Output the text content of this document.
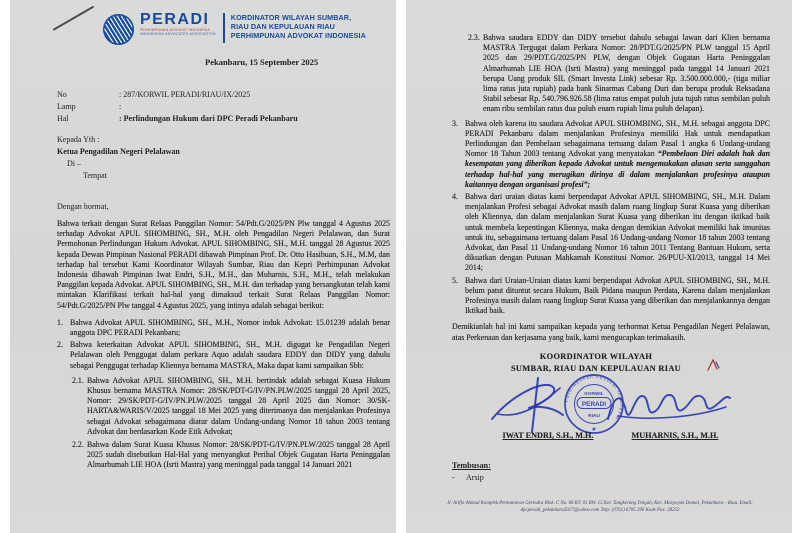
PERADI
PERHIMPUNAN ADVOKAT INDONESIA
INDONESIAN ADVOCATES ASSOCIATION
KORDINATOR WILAYAH SUMBAR,
RIAU DAN KEPULAUAN RIAU
PERHIMPUNAN ADVOKAT INDONESIA
Pekanbaru, 15 September 2025
No	: 287/KORWIL PERADI/RIAU/IX/2025
Lamp	:
Hal	: Perlindungan Hukum dari DPC Peradi Pekanbaru
Kepada Yth :
Ketua Pengadilan Negeri Pelalawan
Di –
Tempat
Dengan hormat,

Bahwa terkait dengan Surat Relaas Panggilan Nomor: 54/Pdt.G/2025/PN Plw tanggal 4 Agustus 2025 terhadap Advokat APUL SIHOMBING, SH., M.H. oleh Pengadilan Negeri Pelalawan, dan Surat Permohonan Perlindungan Hukum Advokat. APUL SIHOMBING, SH., M.H. tanggal 28 Agustus 2025 kepada Dewan Pimpinan Nasional PERADI dibawah Pimpinan Prof. Dr. Otto Hasibuan, S.H., M.M, dan terhadap hal tersebut Kami Koordinator Wilayah Sumbar, Riau dan Kepri Perhimpunan Advokat Indonesia dibawah Pimpinan Iwat Endri, S.H., M.H., dan Muharnis, S.H., M.H., telah melakukan Panggilan kepada Advokat. APUL SIHOMBING, SH., M.H. dan terhadap yang bersangkutan telah kami mintakan Klarifikasi terkait hal-hal yang dimaksud terkait Surat Relaas Panggilan Nomor: 54/Pdt.G/2025/PN Plw tanggal 4 Agustus 2025, yang intinya adalah sebagai berikut:

1. Bahwa Advokat APUL SIHOMBING, SH., M.H., Nomor induk Advokat: 15.01239 adalah benar anggota DPC PERADI Pekanbaru;
2. Bahwa keterkaitan Advokat APUL SIHOMBING, SH., M.H. digugat ke Pengadilan Negeri Pelalawan oleh Penggugat dalam perkara Aquo adalah saudara EDDY dan DIDY yang dahulu sebagai Penggugat terhadap Kliennya bernama MASTRA, Maka dapat kami sampaikan Sbb:
2.1. Bahwa Advokat APUL SIHOMBING, SH., M.H. bertindak adalah sebagai Kuasa Hukum Khusus bernama MASTRA Nomor: 28/SK/PDT-G/IV/PN.PLW/2025 tanggal 28 April 2025, Nomor: 29/SK/PDT-G/IV/PN.PLW/2025 tanggal 28 April 2025 dan Nomor: 30/SK-HARTA&WARIS/V/2025 tanggal 18 Mei 2025 yang diterimanya dan menjalankan Profesinya sebagai Advokat sebagaimana diatur dalam Undang-undang Nomor 18 tahun 2003 tentang Advokat dan berdasarkan Kode Etik Advokat;
2.2. Bahwa dalam Surat Kuasa Khusus Nomor: 28/SK/PDT-G/IV/PN.PLW/2025 tanggal 28 April 2025 sudah disebutkan Hal-Hal yang menyangkut Perihal Objek Gugatan Harta Peninggalan Almarhumah LIE HOA (Isrti Mastra) yang meninggal pada tanggal 14 Januari 2021
2.3. Bahwa saudara EDDY dan DIDY tersebut dahulu sebagai lawan dari Klien bernama MASTRA Tergugat dalam Perkara Nomor: 28/PDT.G/2025/PN PLW tanggal 15 April 2025 dan 29/PDT.G/2025/PN PLW, dengan Objek Gugatan Harta Peninggalan Almarhumah LIE HOA (Isrti Mastra) yang meninggal pada tanggal 14 Januari 2021 berupa Uang produk SIL (Smart Investa Link) sebesar Rp. 3.500.000.000,- (tiga miliar lima ratus juta rupiah) pada bank Sinarmas Cabang Duri dan berupa produk Reksadana Stabil sebesar Rp. 540.796.926.58 (lima ratus empat puluh juta tujuh ratus sembilan puluh enam ribu sembilan ratus dua puluh enam rupiah lima puluh delapan).
3. Bahwa oleh karena itu saudara Advokat APUL SIHOMBING, SH., M.H. sebagai anggota DPC PERADI Pekanbaru dalam menjalankan Profesinya memiliki Hak untuk mendapatkan Perlindungan dan Pembelaan sebagaimana tertuang dalam Pasal 1 angka 6 Undang-undang Nomor 18 Tahun 2003 tentang Advokat yang menyatakan “Pembelaan Diri adalah hak dan kesempatan yang diberikan kepada Advokat untuk mengemukakan alasan serta sanggahan terhadap hal-hal yang merugikan dirinya di dalam menjalankan profesinya ataupun kaitannya dengan organisasi profesi”;
4. Bahwa dari uraian diatas kami berpendapat Advokat APUL SIHOMBING, SH., M.H. Dalam menjalankan Profesi sebagai Advokat masih dalam ruang lingkup Surat Kuasa yang diberikan oleh Kliennya, dan dalam menjalankan Surat Kuasa yang diberikan itu dengan iktikad baik untuk membela kepentingan Kliennya, maka dengan demikian Advokat memiliki hak imunitas untuk itu, sebagaimana tertuang dalam Pasal 16 Undang-undang Nomor 18 tahun 2003 tentang Advokat, dan Pasal 11 Undang-undang Nomor 16 tahun 2011 Tentang Bantuan Hukum, serta dikuatkan dengan Putusan Mahkamah Konstitusi Nomor. 26/PUU-XI/2013, tanggal 14 Mei 2014;
5. Bahwa dari Uraian-Uraian diatas kami berpendapat Advokat APUL SIHOMBING, SH., M.H. belum patut dituntut secara Hukum, Baik Pidana maupun Perdata, Karena dalam menjalankan Profesinya masih dalam ruang lingkup Surat Kuasa yang diberikan dan menjalankannya dengan Iktikad baik.
Demikianlah hal ini kami sampaikan kepada yang terhormat Ketua Pengadilan Negeri Pelalawan, atas Perkenaan dan kerjasama yang baik, kami mengucapkan terimakasih.
KOORDINATOR WILAYAH
SUMBAR, RIAU DAN KEPULAUAN RIAU
Perhimpunan Advokat Indonesia
KORWIL
PERADI
RIAU
★
IWAT ENDRI, S.H., M.H.	MUHARNIS, S.H., M.H.
Tembusan:
-	Arsip
Jl. Arifin Ahmad Komplek Perkantoran Gerindra Blok. C No. 06 RT. 01 RW. 15 Kel. Tangkerang Tengah, Kec. Marpoyan Damai, Pekanbaru – Riau. Email: dpcperadi_pekanbaru2017@yahoo.com Telp: (0761) 6705 296 Kode Pos: 28252
